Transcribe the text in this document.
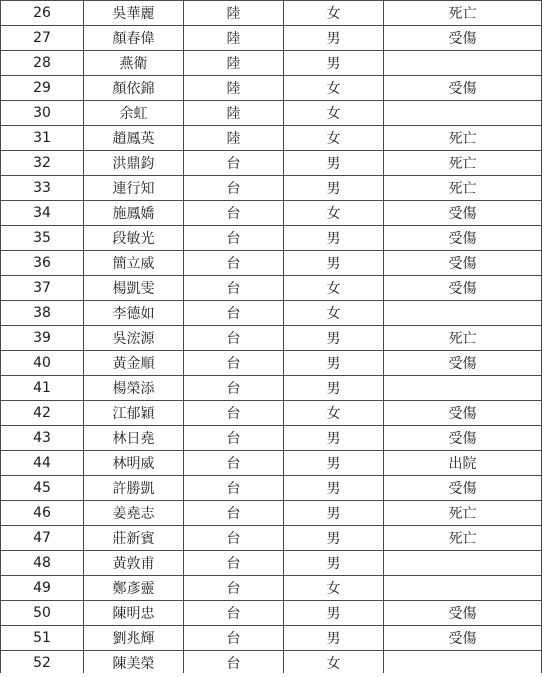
26	吳華麗	陸	女	死亡
27	顏春偉	陸	男	受傷
28	燕衛	陸	男	
29	顏依錦	陸	女	受傷
30	余虹	陸	女	
31	趙鳳英	陸	女	死亡
32	洪鼎鈞	台	男	死亡
33	連行知	台	男	死亡
34	施鳳嬌	台	女	受傷
35	段敏光	台	男	受傷
36	簡立威	台	男	受傷
37	楊凱雯	台	女	受傷
38	李德如	台	女	
39	吳浤源	台	男	死亡
40	黃金順	台	男	受傷
41	楊榮添	台	男	
42	江郁穎	台	女	受傷
43	林日堯	台	男	受傷
44	林明威	台	男	出院
45	許勝凱	台	男	受傷
46	姜堯志	台	男	死亡
47	莊新賓	台	男	死亡
48	黃敦甫	台	男	
49	鄭彥靈	台	女	
50	陳明忠	台	男	受傷
51	劉兆輝	台	男	受傷
52	陳美榮	台	女	
